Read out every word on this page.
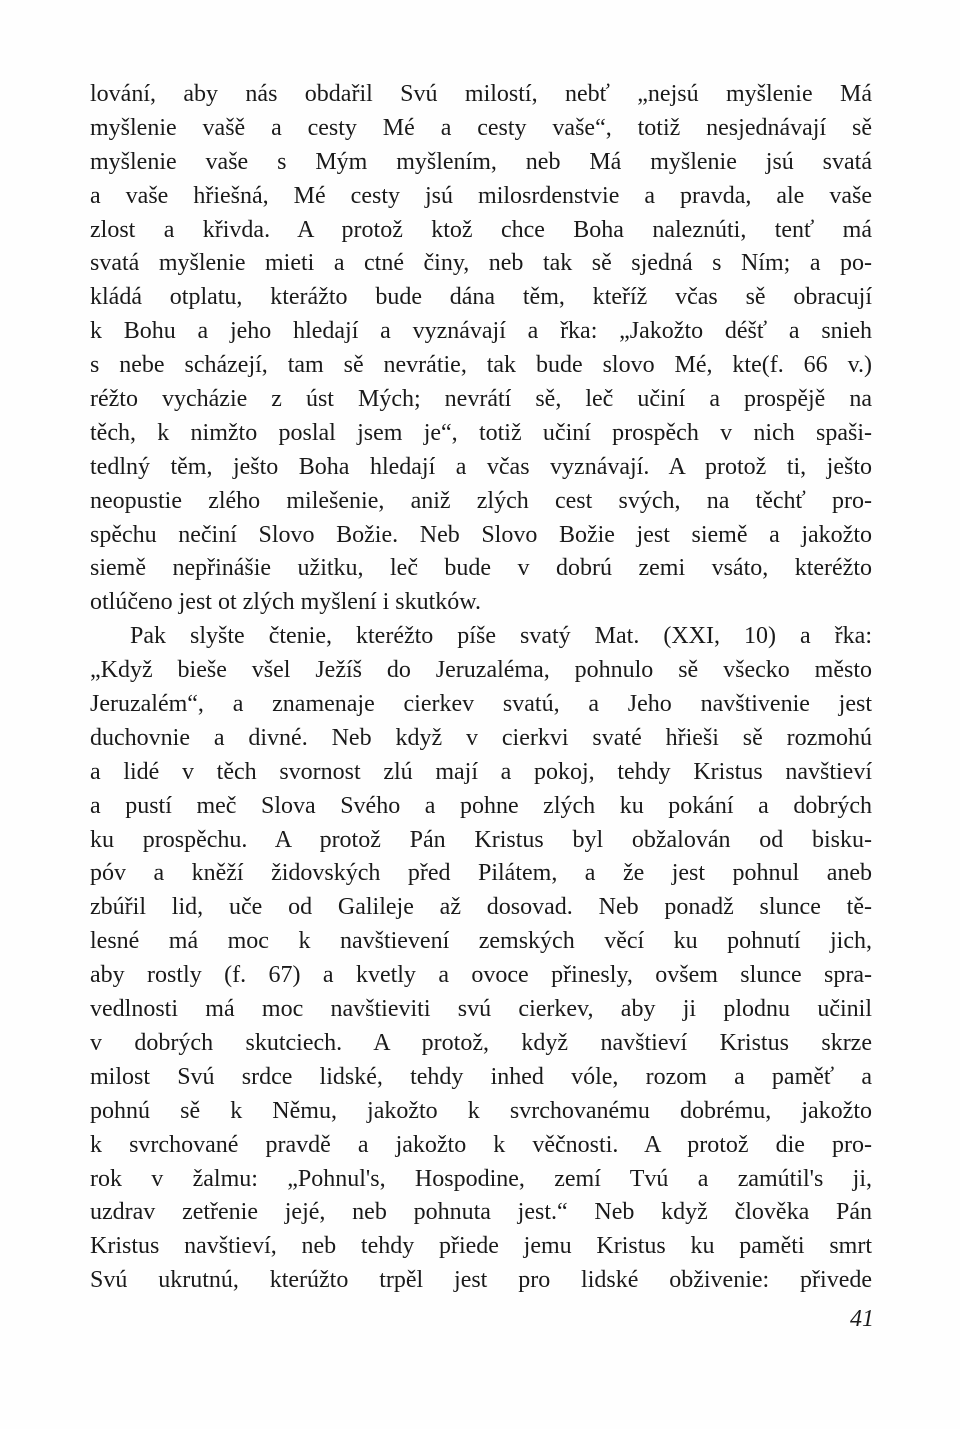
lování, aby nás obdařil Svú milostí, nebť „nejsú myšlenie Má
myšlenie vašě a cesty Mé a cesty vaše“, totiž nesjednávají sě
myšlenie vaše s Mým myšlením, neb Má myšlenie jsú svatá
a vaše hřiešná, Mé cesty jsú milosrdenstvie a pravda, ale vaše
zlost a křivda. A protož ktož chce Boha naleznúti, tenť má
svatá myšlenie mieti a ctné činy, neb tak sě sjedná s Ním; a po-
kládá otplatu, kterážto bude dána těm, kteříž včas sě obracují
k Bohu a jeho hledají a vyznávají a řka: „Jakožto déšť a snieh
s nebe scházejí, tam sě nevrátie, tak bude slovo Mé, kte(f. 66 v.)
réžto vycházie z úst Mých; nevrátí sě, leč učiní a prospějě na
těch, k nimžto poslal jsem je“, totiž učiní prospěch v nich spaši-
tedlný těm, ješto Boha hledají a včas vyznávají. A protož ti, ješto
neopustie zlého milešenie, aniž zlých cest svých, na těchť pro-
spěchu nečiní Slovo Božie. Neb Slovo Božie jest siemě a jakožto
siemě nepřinášie užitku, leč bude v dobrú zemi vsáto, kteréžto
otlúčeno jest ot zlých myšlení i skutków.
Pak slyšte čtenie, kteréžto píše svatý Mat. (XXI, 10) a řka:
„Když bieše všel Ježíš do Jeruzaléma, pohnulo sě všecko město
Jeruzalém“, a znamenaje cierkev svatú, a Jeho navštivenie jest
duchovnie a divné. Neb když v cierkvi svaté hřieši sě rozmohú
a lidé v těch svornost zlú mají a pokoj, tehdy Kristus navštieví
a pustí meč Slova Svého a pohne zlých ku pokání a dobrých
ku prospěchu. A protož Pán Kristus byl obžalován od bisku-
póv a kněží židovských před Pilátem, a že jest pohnul aneb
zbúřil lid, uče od Galileje až dosovad. Neb ponadž slunce tě-
lesné má moc k navštievení zemských věcí ku pohnutí jich,
aby rostly (f. 67) a kvetly a ovoce přinesly, ovšem slunce spra-
vedlnosti má moc navštieviti svú cierkev, aby ji plodnu učinil
v dobrých skutciech. A protož, když navštieví Kristus skrze
milost Svú srdce lidské, tehdy inhed vóle, rozom a paměť a
pohnú sě k Němu, jakožto k svrchovanému dobrému, jakožto
k svrchované pravdě a jakožto k věčnosti. A protož die pro-
rok v žalmu: „Pohnul's, Hospodine, zemí Tvú a zamútil's ji,
uzdrav zetřenie jejé, neb pohnuta jest.“ Neb když člověka Pán
Kristus navštieví, neb tehdy přiede jemu Kristus ku paměti smrt
Svú ukrutnú, kterúžto trpěl jest pro lidské obživenie: přivede
41
